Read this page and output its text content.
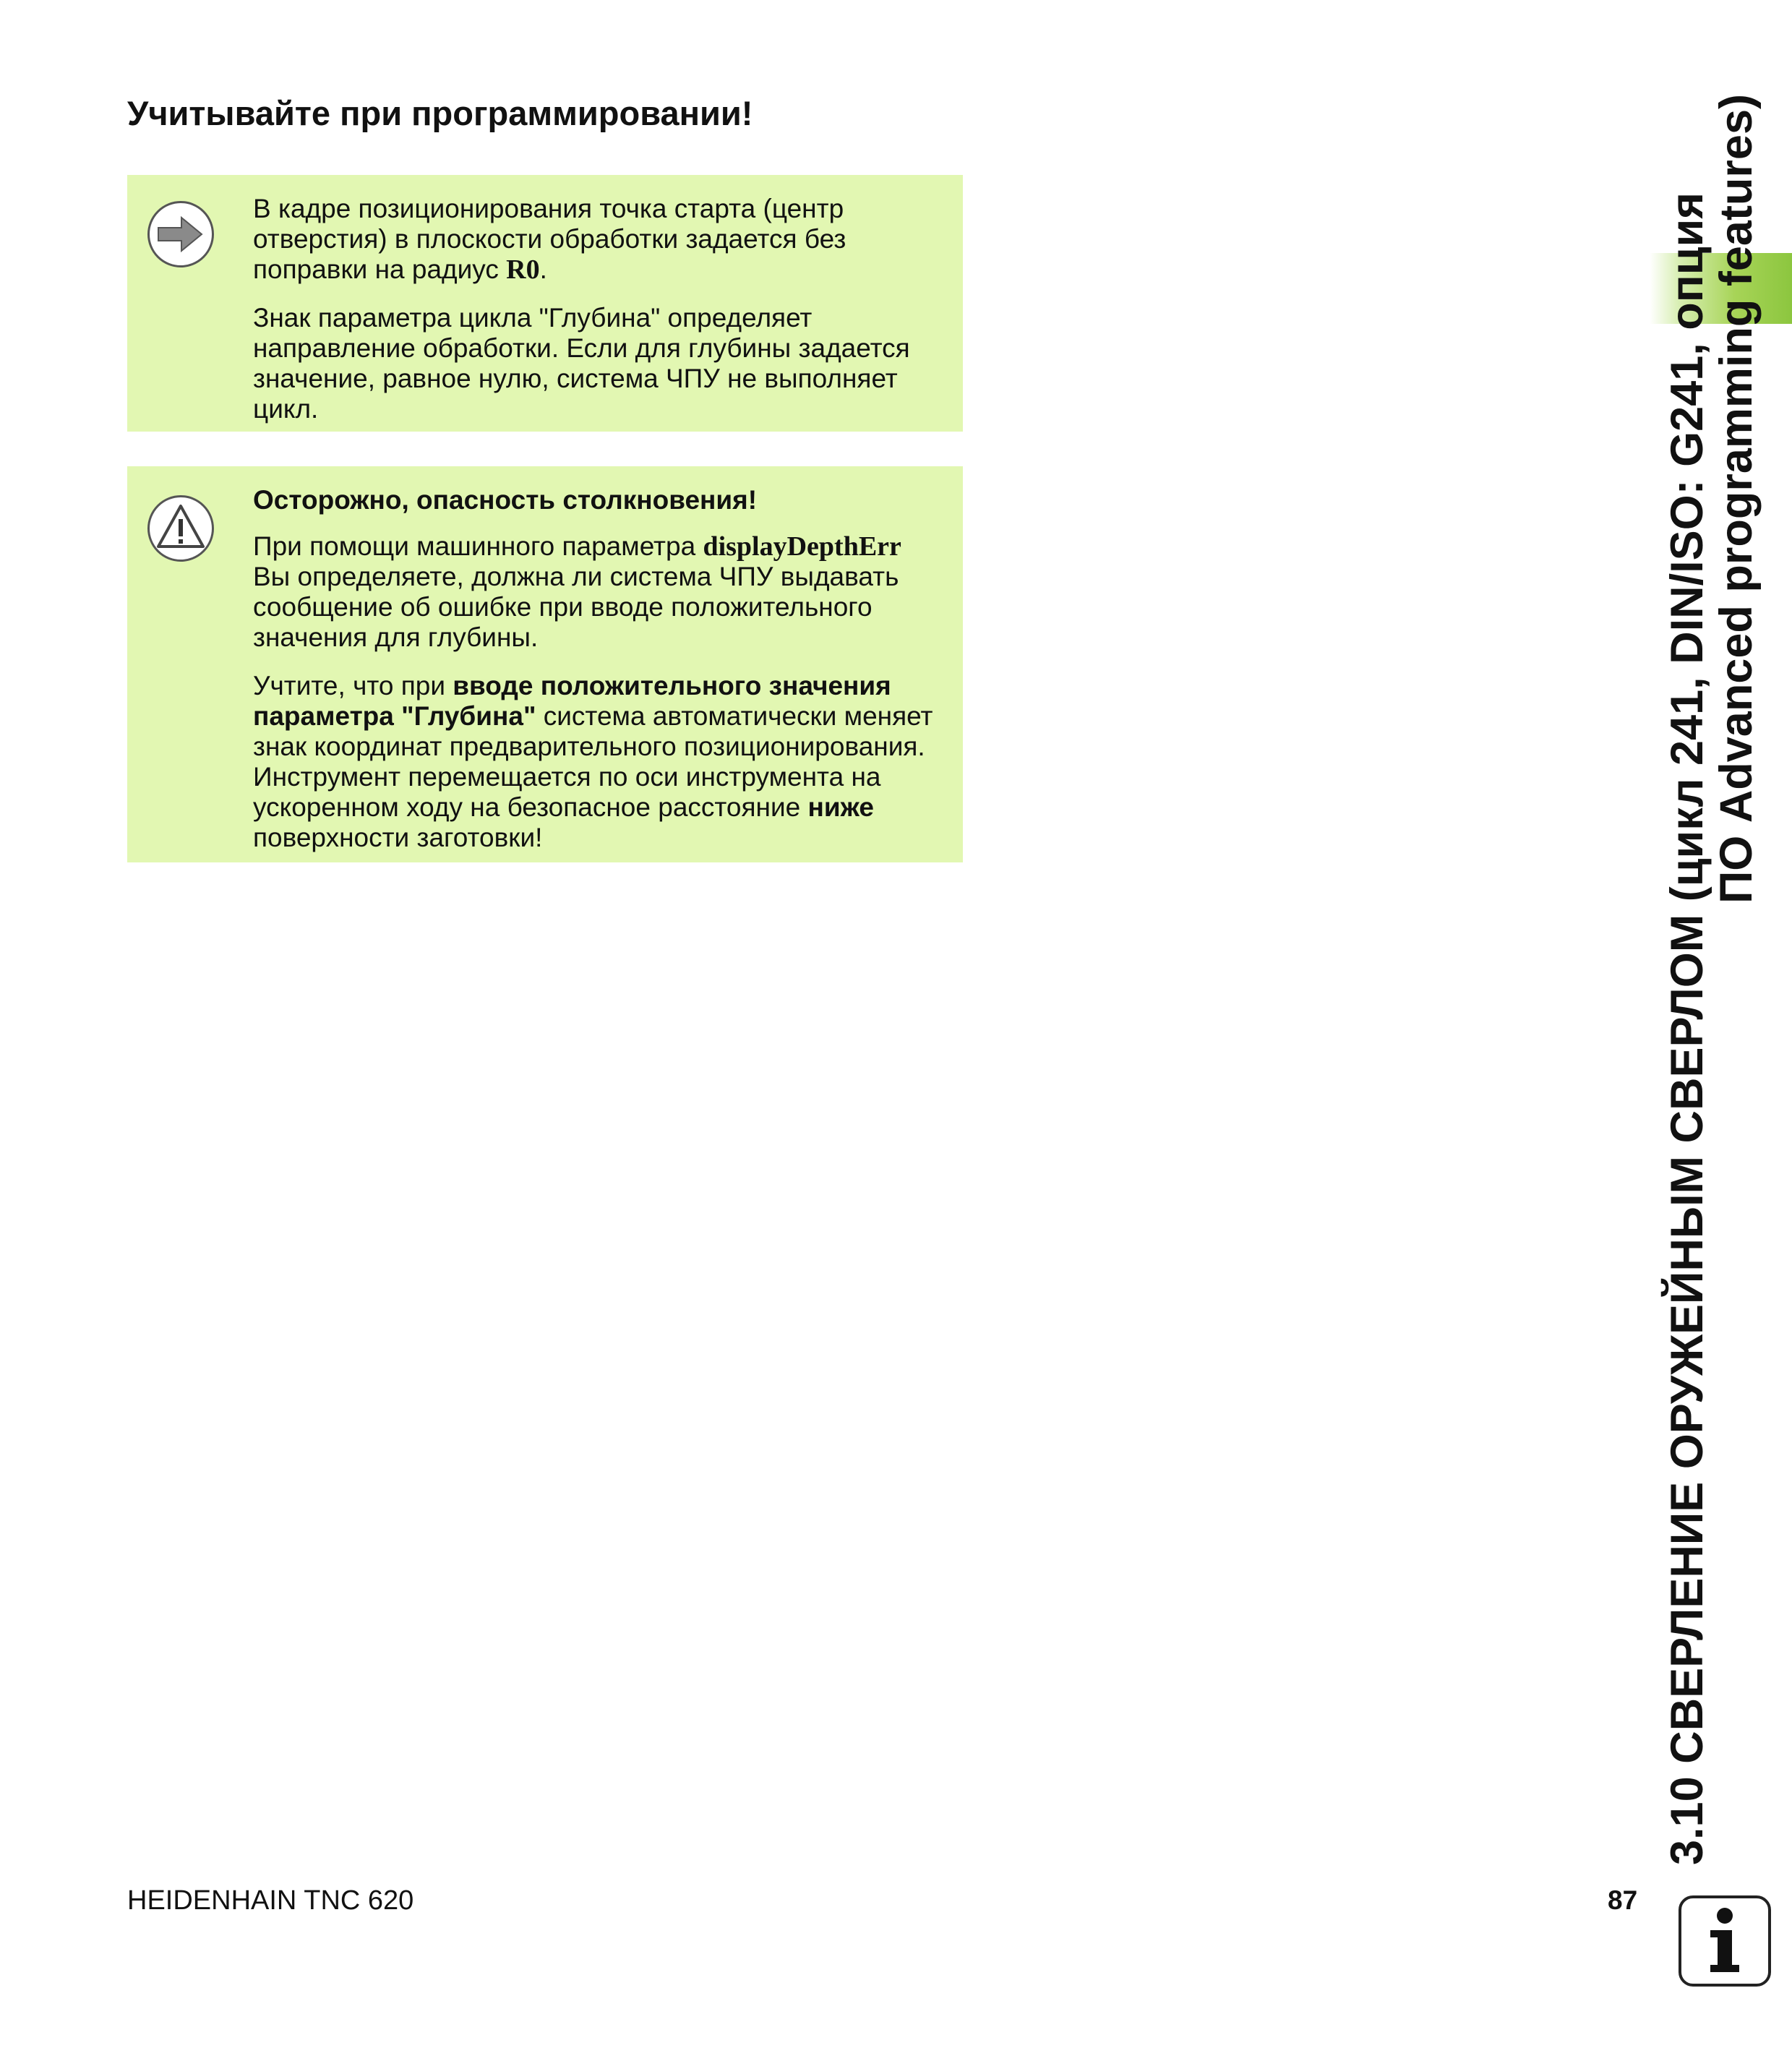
Учитывайте при программировании!

В кадре позиционирования точка старта (центр отверстия) в плоскости обработки задается без поправки на радиус R0.

Знак параметра цикла "Глубина" определяет направление обработки. Если для глубины задается значение, равное нулю, система ЧПУ не выполняет цикл.

Осторожно, опасность столкновения!

При помощи машинного параметра displayDepthErr Вы определяете, должна ли система ЧПУ выдавать сообщение об ошибке при вводе положительного значения для глубины.

Учтите, что при вводе положительного значения параметра "Глубина" система автоматически меняет знак координат предварительного позиционирования. Инструмент перемещается по оси инструмента на ускоренном ходу на безопасное расстояние ниже поверхности заготовки!	3.10 СВЕРЛЕНИЕ ОРУЖЕЙНЫМ СВЕРЛОМ (цикл 241, DIN/ISO: G241, опция
ПО Advanced programming features)
HEIDENHAIN TNC 620	87
